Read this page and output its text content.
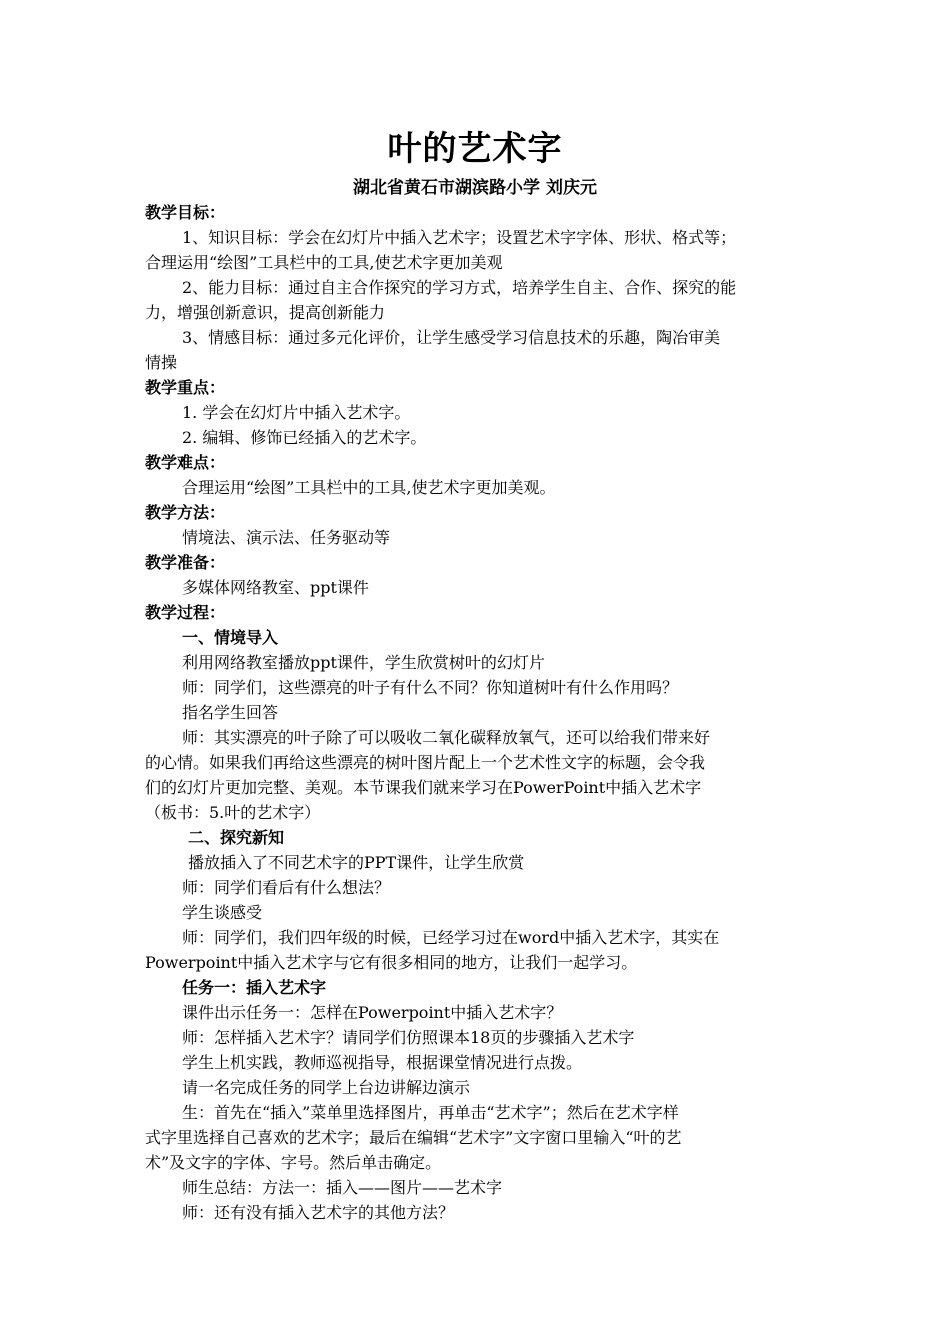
叶的艺术字
湖北省黄石市湖滨路小学 刘庆元

教学目标：

1、知识目标：学会在幻灯片中插入艺术字；设置艺术字字体、形状、格式等；

合理运用“绘图”工具栏中的工具,使艺术字更加美观

2、能力目标：通过自主合作探究的学习方式，培养学生自主、合作、探究的能

力，增强创新意识，提高创新能力

3、情感目标：通过多元化评价，让学生感受学习信息技术的乐趣，陶冶审美

情操

教学重点：

1. 学会在幻灯片中插入艺术字。

2. 编辑、修饰已经插入的艺术字。

教学难点：

合理运用“绘图”工具栏中的工具,使艺术字更加美观。

教学方法：

情境法、演示法、任务驱动等

教学准备：

多媒体网络教室、ppt课件

教学过程：

一、情境导入

利用网络教室播放ppt课件，学生欣赏树叶的幻灯片

师：同学们，这些漂亮的叶子有什么不同？你知道树叶有什么作用吗？

指名学生回答

师：其实漂亮的叶子除了可以吸收二氧化碳释放氧气，还可以给我们带来好

的心情。如果我们再给这些漂亮的树叶图片配上一个艺术性文字的标题，会令我

们的幻灯片更加完整、美观。本节课我们就来学习在PowerPoint中插入艺术字

（板书：5.叶的艺术字）

二、探究新知

播放插入了不同艺术字的PPT课件，让学生欣赏

师：同学们看后有什么想法？

学生谈感受

师：同学们，我们四年级的时候，已经学习过在word中插入艺术字，其实在

Powerpoint中插入艺术字与它有很多相同的地方，让我们一起学习。

任务一：插入艺术字

课件出示任务一：怎样在Powerpoint中插入艺术字？

师：怎样插入艺术字？请同学们仿照课本18页的步骤插入艺术字

学生上机实践，教师巡视指导，根据课堂情况进行点拨。

请一名完成任务的同学上台边讲解边演示

生：首先在“插入”菜单里选择图片，再单击“艺术字”；然后在艺术字样

式字里选择自己喜欢的艺术字；最后在编辑“艺术字”文字窗口里输入“叶的艺

术”及文字的字体、字号。然后单击确定。

师生总结：方法一：插入——图片——艺术字

师：还有没有插入艺术字的其他方法？
